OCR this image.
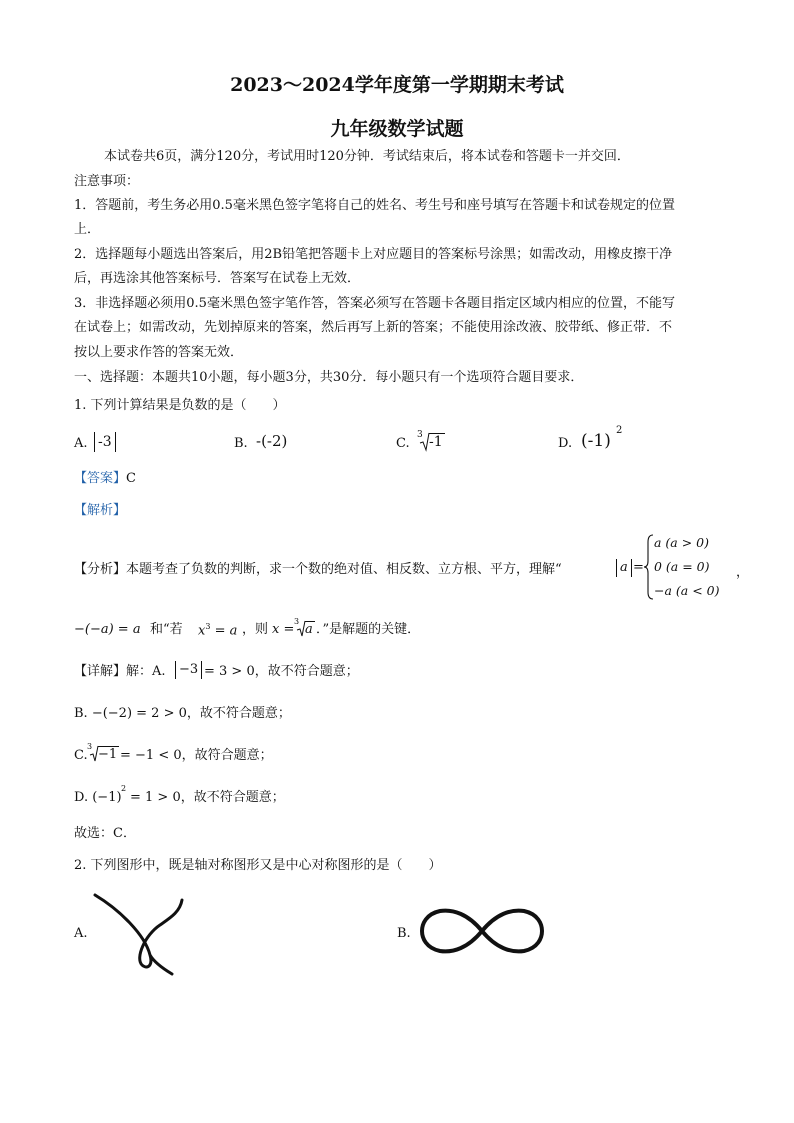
2023～2024学年度第一学期期末考试
九年级数学试题
本试卷共6页，满分120分，考试用时120分钟．考试结束后，将本试卷和答题卡一并交回．
注意事项：
1．答题前，考生务必用0.5毫米黑色签字笔将自己的姓名、考生号和座号填写在答题卡和试卷规定的位置
上．
2．选择题每小题选出答案后，用2B铅笔把答题卡上对应题目的答案标号涂黑；如需改动，用橡皮擦干净
后，再选涂其他答案标号．答案写在试卷上无效．
3．非选择题必须用0.5毫米黑色签字笔作答，答案必须写在答题卡各题目指定区域内相应的位置，不能写
在试卷上；如需改动，先划掉原来的答案，然后再写上新的答案；不能使用涂改液、胶带纸、修正带．不
按以上要求作答的答案无效．
一、选择题：本题共10小题，每小题3分，共30分．每小题只有一个选项符合题目要求．
1. 下列计算结果是负数的是（　　）
A. -3	B. -(-2)	C.
3 -1	D. (-1)
2
【答案】C
【解析】
【分析】本题考查了负数的判断，求一个数的绝对值、相反数、立方根、平方，理解“	a =
a (a > 0)
0 (a = 0)
−a (a < 0)
，
−(−a) = a 和“若 $x^3 = a$ ，则 x =
3
a ．”是解题的关键．
【详解】解：A.	−3 = 3 > 0，故不符合题意；
B. −(−2) = 2 > 0，故不符合题意；
C.
3
−1 = −1 < 0，故符合题意；
D. (−1)
2
= 1 > 0，故不符合题意；
故选：C．
2. 下列图形中，既是轴对称图形又是中心对称图形的是（　　）
A.	B.
